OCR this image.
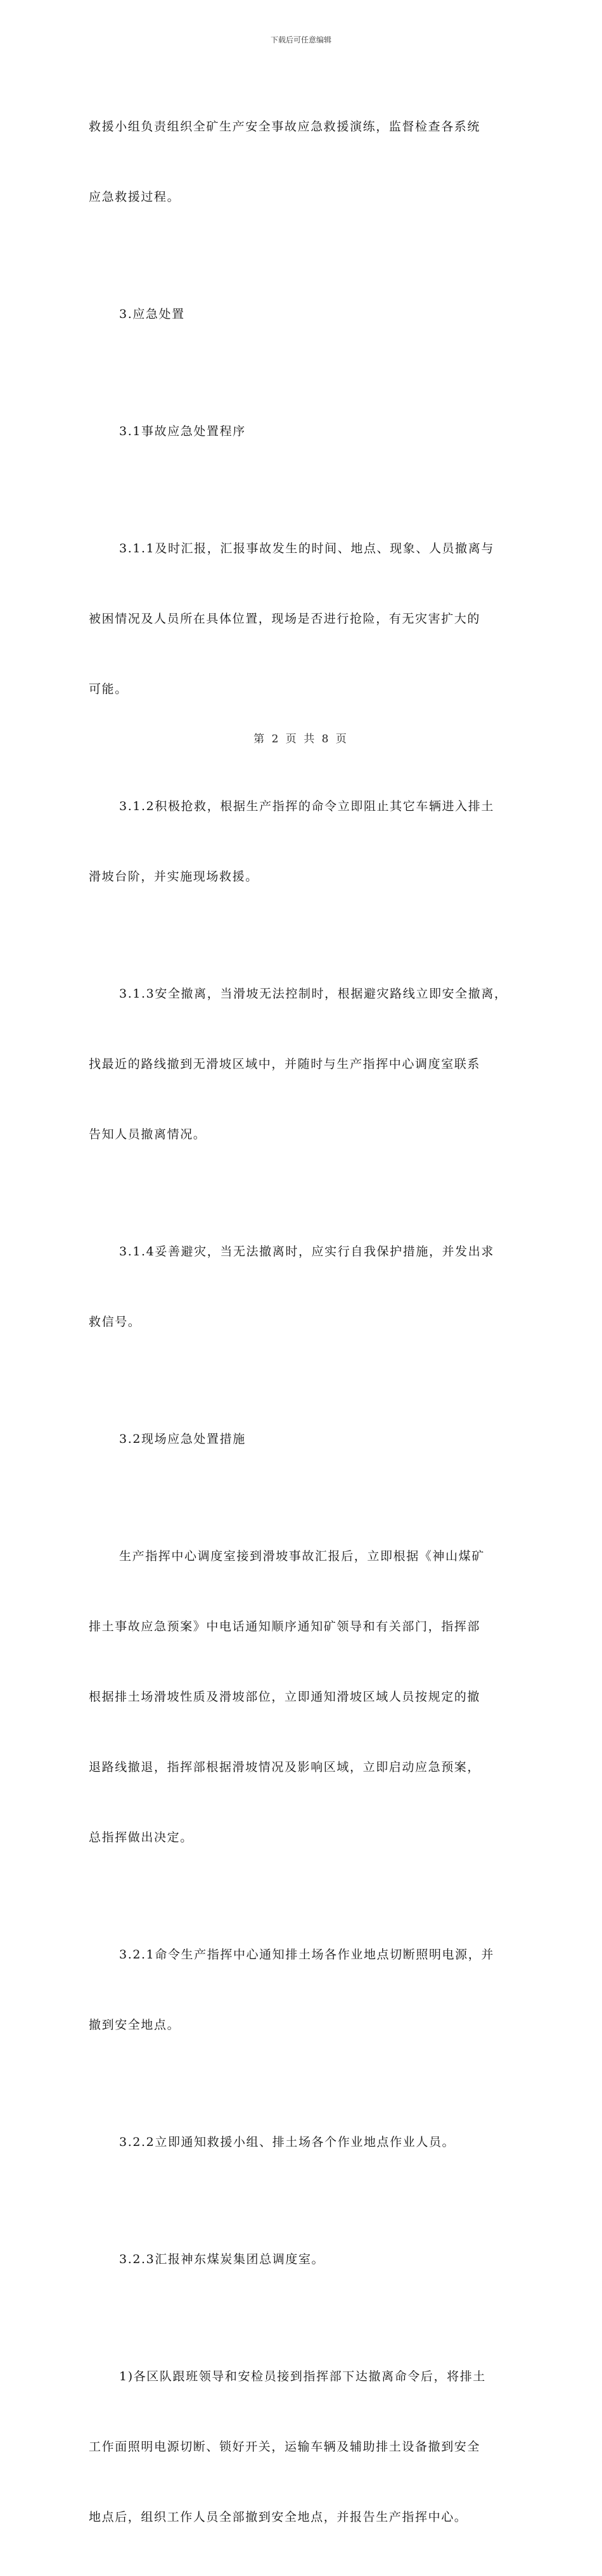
下载后可任意编辑

救援小组负责组织全矿生产安全事故应急救援演练，监督检查各系统

应急救援过程。

3.应急处置

3.1事故应急处置程序

3.1.1及时汇报，汇报事故发生的时间、地点、现象、人员撤离与

被困情况及人员所在具体位置，现场是否进行抢险，有无灾害扩大的

可能。

3.1.2积极抢救，根据生产指挥的命令立即阻止其它车辆进入排土

滑坡台阶，并实施现场救援。

3.1.3安全撤离，当滑坡无法控制时，根据避灾路线立即安全撤离，

找最近的路线撤到无滑坡区域中，并随时与生产指挥中心调度室联系

告知人员撤离情况。

3.1.4妥善避灾，当无法撤离时，应实行自我保护措施，并发出求

救信号。

3.2现场应急处置措施

生产指挥中心调度室接到滑坡事故汇报后，立即根据《神山煤矿

排土事故应急预案》中电话通知顺序通知矿领导和有关部门，指挥部

根据排土场滑坡性质及滑坡部位，立即通知滑坡区域人员按规定的撤

退路线撤退，指挥部根据滑坡情况及影响区域，立即启动应急预案，

总指挥做出决定。

3.2.1命令生产指挥中心通知排土场各作业地点切断照明电源，并

撤到安全地点。

3.2.2立即通知救援小组、排土场各个作业地点作业人员。

3.2.3汇报神东煤炭集团总调度室。

1)各区队跟班领导和安检员接到指挥部下达撤离命令后，将排土

工作面照明电源切断、锁好开关，运输车辆及辅助排土设备撤到安全

地点后，组织工作人员全部撤到安全地点，并报告生产指挥中心。

第 2 页 共 8 页
